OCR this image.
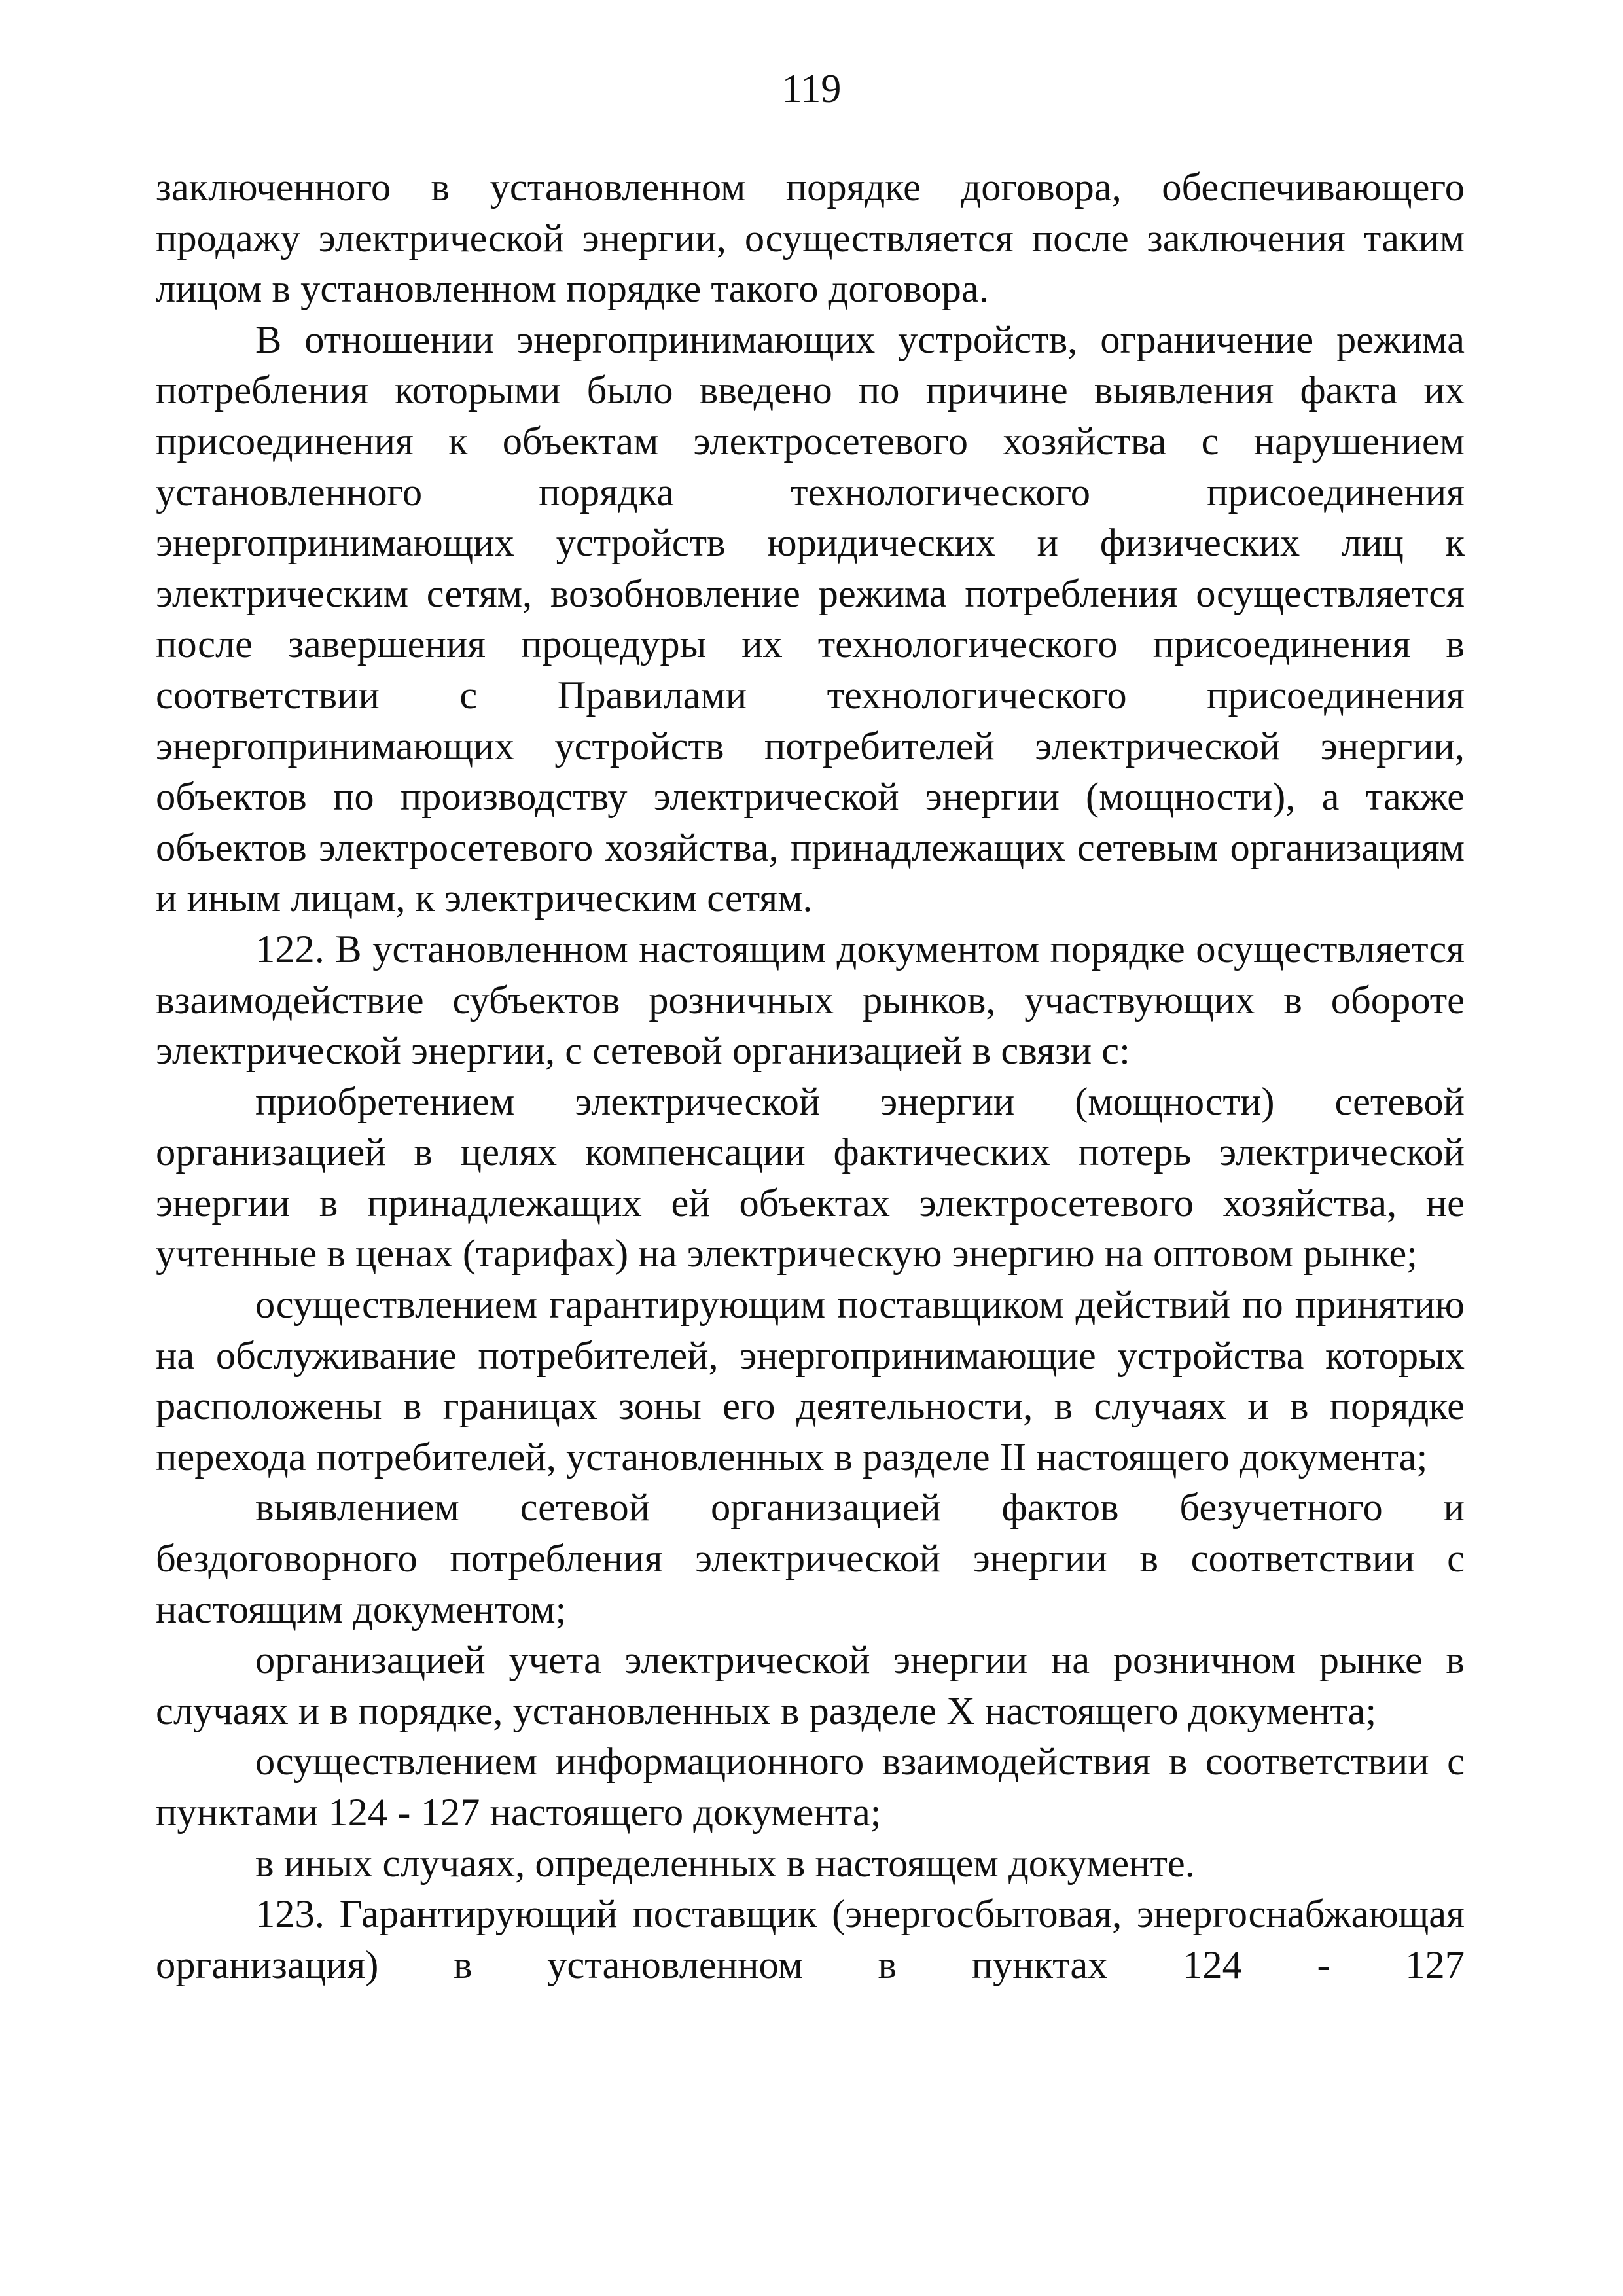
119

заключенного в установленном порядке договора, обеспечивающего продажу электрической энергии, осуществляется после заключения таким лицом в установленном порядке такого договора.

В отношении энергопринимающих устройств, ограничение режима потребления которыми было введено по причине выявления факта их присоединения к объектам электросетевого хозяйства с нарушением установленного порядка технологического присоединения энергопринимающих устройств юридических и физических лиц к электрическим сетям, возобновление режима потребления осуществляется после завершения процедуры их технологического присоединения в соответствии с Правилами технологического присоединения энергопринимающих устройств потребителей электрической энергии, объектов по производству электрической энергии (мощности), а также объектов электросетевого хозяйства, принадлежащих сетевым организациям и иным лицам, к электрическим сетям.

122. В установленном настоящим документом порядке осуществляется взаимодействие субъектов розничных рынков, участвующих в обороте электрической энергии, с сетевой организацией в связи с:

приобретением электрической энергии (мощности) сетевой организацией в целях компенсации фактических потерь электрической энергии в принадлежащих ей объектах электросетевого хозяйства, не учтенные в ценах (тарифах) на электрическую энергию на оптовом рынке;

осуществлением гарантирующим поставщиком действий по принятию на обслуживание потребителей, энергопринимающие устройства которых расположены в границах зоны его деятельности, в случаях и в порядке перехода потребителей, установленных в разделе II настоящего документа;

выявлением сетевой организацией фактов безучетного и бездоговорного потребления электрической энергии в соответствии с настоящим документом;

организацией учета электрической энергии на розничном рынке в случаях и в порядке, установленных в разделе X настоящего документа;

осуществлением информационного взаимодействия в соответствии с пунктами 124 - 127 настоящего документа;

в иных случаях, определенных в настоящем документе.

123. Гарантирующий поставщик (энергосбытовая, энергоснабжающая организация) в установленном в пунктах 124 - 127
